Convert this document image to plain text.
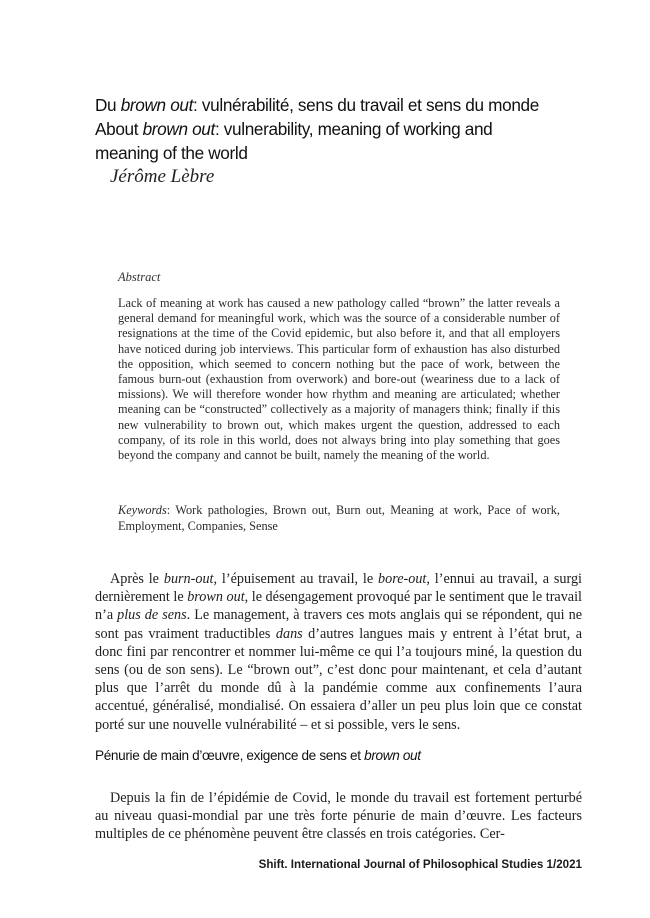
Du brown out: vulnérabilité, sens du travail et sens du monde
About brown out: vulnerability, meaning of working and
meaning of the world
Jérôme Lèbre
Abstract
Lack of meaning at work has caused a new pathology called “brown” the latter reveals a general demand for meaningful work, which was the source of a considerable number of resignations at the time of the Covid epidemic, but also before it, and that all employers have noticed during job interviews. This particular form of exhaustion has also disturbed the opposition, which seemed to concern nothing but the pace of work, between the famous burn-out (exhaustion from overwork) and bore-out (weariness due to a lack of missions). We will therefore wonder how rhythm and meaning are articulated; whether meaning can be “constructed” collectively as a majority of managers think; finally if this new vulnerability to brown out, which makes urgent the question, addressed to each company, of its role in this world, does not always bring into play something that goes beyond the company and cannot be built, namely the meaning of the world.
Keywords: Work pathologies, Brown out, Burn out, Meaning at work, Pace of work, Employment, Companies, Sense

Après le burn-out, l’épuisement au travail, le bore-out, l’ennui au travail, a surgi dernièrement le brown out, le désengagement provoqué par le sentiment que le travail n’a plus de sens. Le management, à travers ces mots anglais qui se répondent, qui ne sont pas vraiment traductibles dans d’autres langues mais y entrent à l’état brut, a donc fini par rencontrer et nommer lui-même ce qui l’a toujours miné, la question du sens (ou de son sens). Le “brown out”, c’est donc pour maintenant, et cela d’autant plus que l’arrêt du monde dû à la pandémie comme aux confinements l’aura accentué, généralisé, mondialisé. On essaiera d’aller un peu plus loin que ce constat porté sur une nouvelle vulnérabilité – et si possible, vers le sens.

Pénurie de main d’œuvre, exigence de sens et brown out

Depuis la fin de l’épidémie de Covid, le monde du travail est fortement perturbé au niveau quasi-mondial par une très forte pénurie de main d’œuvre. Les facteurs multiples de ce phénomène peuvent être classés en trois catégories. Cer-

Shift. International Journal of Philosophical Studies 1/2021
